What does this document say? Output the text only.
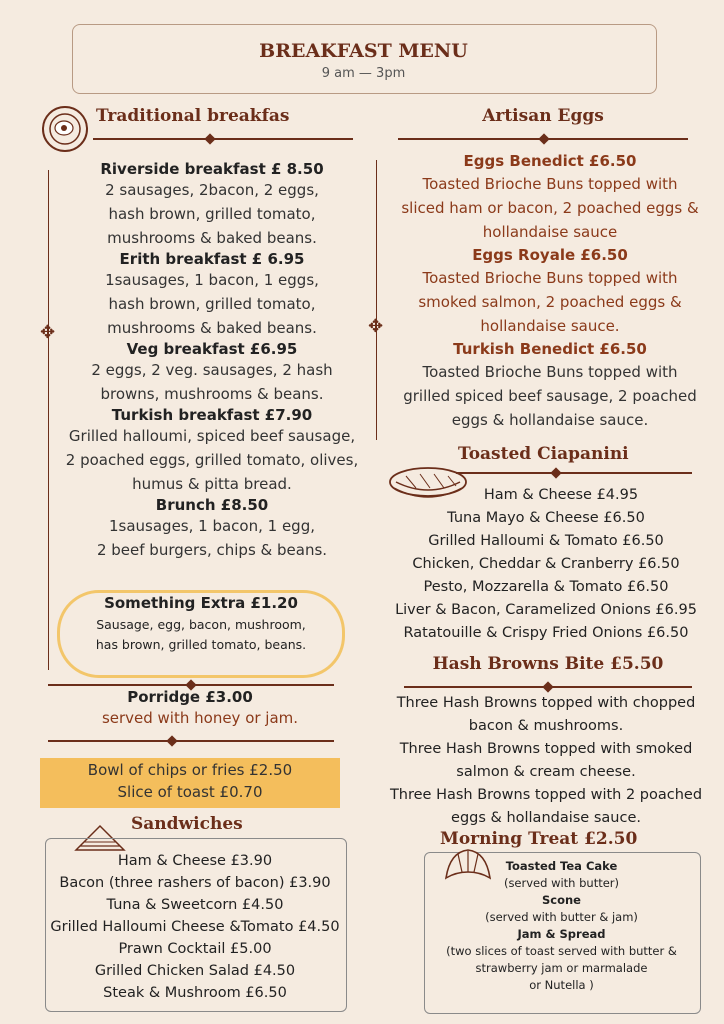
BREAKFAST MENU
9 am — 3pm
Traditional breakfas
✥
Riverside breakfast £ 8.50
2 sausages, 2bacon, 2 eggs,
hash brown, grilled tomato,
mushrooms & baked beans.
Erith breakfast £ 6.95
1sausages, 1 bacon, 1 eggs,
hash brown, grilled tomato,
mushrooms & baked beans.
Veg breakfast £6.95
2 eggs, 2 veg. sausages, 2 hash
browns, mushrooms & beans.
Turkish breakfast £7.90
Grilled halloumi, spiced beef sausage,
2 poached eggs, grilled tomato, olives,
humus & pitta bread.
Brunch £8.50
1sausages, 1 bacon, 1 egg,
2 beef burgers, chips & beans.
Something Extra £1.20
Sausage, egg, bacon, mushroom,
has brown, grilled tomato, beans.
Porridge £3.00
served with honey or jam.
Bowl of chips or fries £2.50
Slice of toast £0.70
Sandwiches
Ham & Cheese £3.90
Bacon (three rashers of bacon) £3.90
Tuna & Sweetcorn £4.50
Grilled Halloumi Cheese &Tomato £4.50
Prawn Cocktail £5.00
Grilled Chicken Salad £4.50
Steak & Mushroom £6.50
Artisan Eggs
✥
Eggs Benedict £6.50
Toasted Brioche Buns topped with
sliced ham or bacon, 2 poached eggs &
hollandaise sauce
Eggs Royale £6.50
Toasted Brioche Buns topped with
smoked salmon, 2 poached eggs &
hollandaise sauce.
Turkish Benedict £6.50
Toasted Brioche Buns topped with
grilled spiced beef sausage, 2 poached
eggs & hollandaise sauce.
Toasted Ciapanini
Ham & Cheese £4.95
Tuna Mayo & Cheese £6.50
Grilled Halloumi & Tomato £6.50
Chicken, Cheddar & Cranberry £6.50
Pesto, Mozzarella & Tomato £6.50
Liver & Bacon, Caramelized Onions £6.95
Ratatouille & Crispy Fried Onions £6.50
Hash Browns Bite £5.50
Three Hash Browns topped with chopped
bacon & mushrooms.
Three Hash Browns topped with smoked
salmon & cream cheese.
Three Hash Browns topped with 2 poached
eggs & hollandaise sauce.
Morning Treat £2.50
Toasted Tea Cake
(served with butter)
Scone
(served with butter & jam)
Jam & Spread
(two slices of toast served with butter &
strawberry jam or marmalade
or Nutella )
